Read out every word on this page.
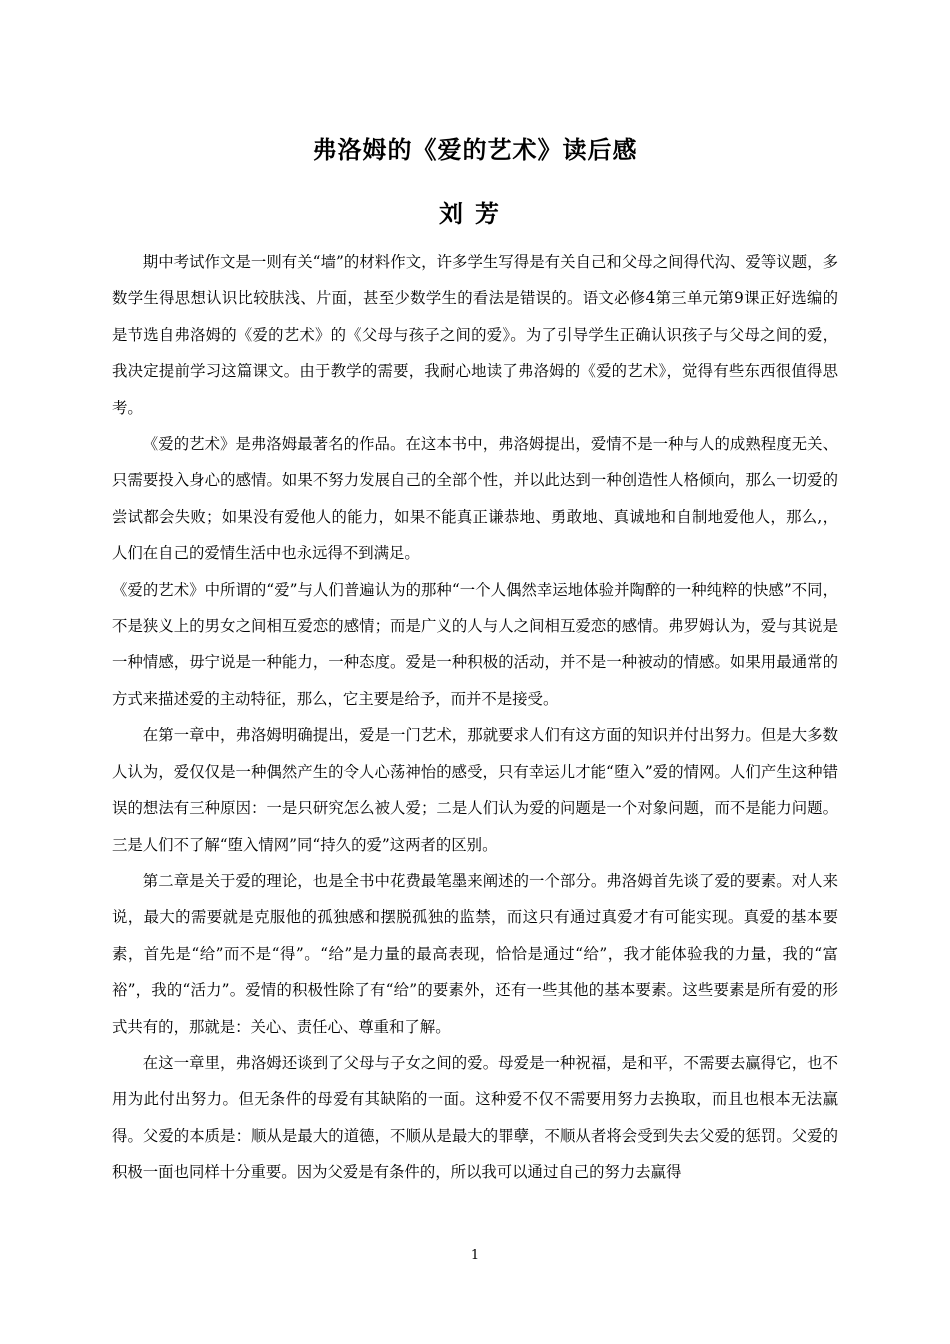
弗洛姆的《爱的艺术》读后感
刘芳

期中考试作文是一则有关“墙”的材料作文，许多学生写得是有关自己和父母之间得代沟、爱等议题，多数学生得思想认识比较肤浅、片面，甚至少数学生的看法是错误的。语文必修4第三单元第9课正好选编的是节选自弗洛姆的《爱的艺术》的《父母与孩子之间的爱》。为了引导学生正确认识孩子与父母之间的爱，我决定提前学习这篇课文。由于教学的需要，我耐心地读了弗洛姆的《爱的艺术》，觉得有些东西很值得思考。

《爱的艺术》是弗洛姆最著名的作品。在这本书中，弗洛姆提出，爱情不是一种与人的成熟程度无关、只需要投入身心的感情。如果不努力发展自己的全部个性，并以此达到一种创造性人格倾向，那么一切爱的尝试都会失败；如果没有爱他人的能力，如果不能真正谦恭地、勇敢地、真诚地和自制地爱他人，那么,，人们在自己的爱情生活中也永远得不到满足。

《爱的艺术》中所谓的“爱”与人们普遍认为的那种“一个人偶然幸运地体验并陶醉的一种纯粹的快感”不同，不是狭义上的男女之间相互爱恋的感情；而是广义的人与人之间相互爱恋的感情。弗罗姆认为，爱与其说是一种情感，毋宁说是一种能力，一种态度。爱是一种积极的活动，并不是一种被动的情感。如果用最通常的方式来描述爱的主动特征，那么，它主要是给予，而并不是接受。

在第一章中，弗洛姆明确提出，爱是一门艺术，那就要求人们有这方面的知识并付出努力。但是大多数人认为，爱仅仅是一种偶然产生的令人心荡神怡的感受，只有幸运儿才能“堕入”爱的情网。人们产生这种错误的想法有三种原因：一是只研究怎么被人爱；二是人们认为爱的问题是一个对象问题，而不是能力问题。三是人们不了解“堕入情网”同“持久的爱”这两者的区别。

第二章是关于爱的理论，也是全书中花费最笔墨来阐述的一个部分。弗洛姆首先谈了爱的要素。对人来说，最大的需要就是克服他的孤独感和摆脱孤独的监禁，而这只有通过真爱才有可能实现。真爱的基本要素，首先是“给”而不是“得”。“给”是力量的最高表现，恰恰是通过“给”，我才能体验我的力量，我的“富裕”，我的“活力”。爱情的积极性除了有“给”的要素外，还有一些其他的基本要素。这些要素是所有爱的形式共有的，那就是：关心、责任心、尊重和了解。

在这一章里，弗洛姆还谈到了父母与子女之间的爱。母爱是一种祝福，是和平，不需要去赢得它，也不用为此付出努力。但无条件的母爱有其缺陷的一面。这种爱不仅不需要用努力去换取，而且也根本无法赢得。父爱的本质是：顺从是最大的道德，不顺从是最大的罪孽，不顺从者将会受到失去父爱的惩罚。父爱的积极一面也同样十分重要。因为父爱是有条件的，所以我可以通过自己的努力去赢得

1
